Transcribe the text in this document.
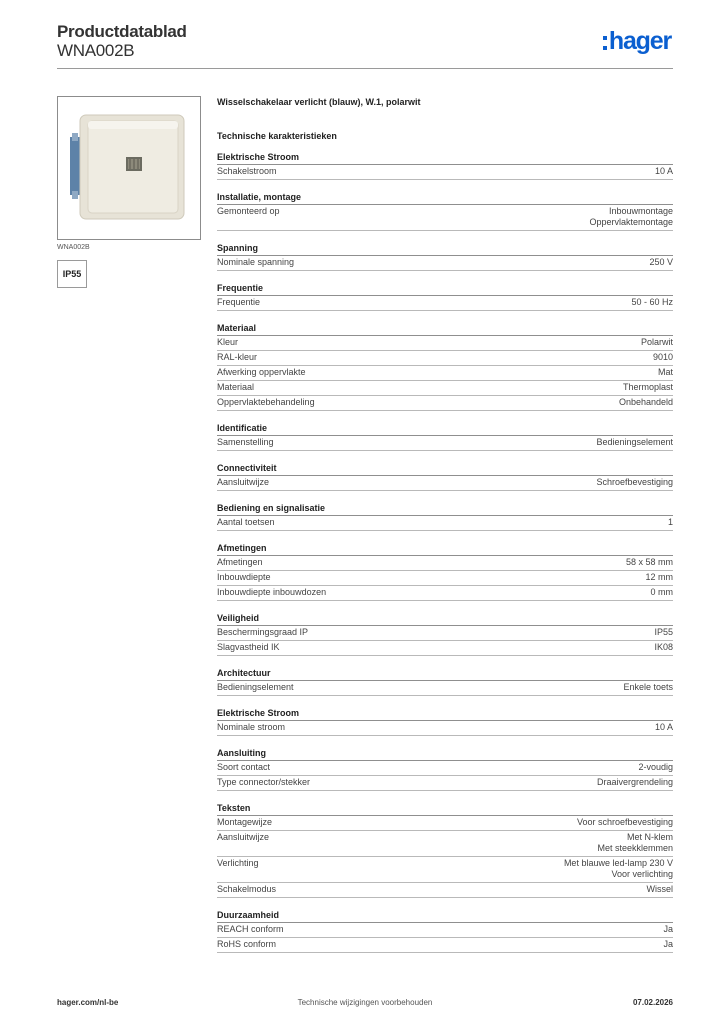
Productdatablad
WNA002B	hager
WNA002B
IP55
Wisselschakelaar verlicht (blauw), W.1, polarwit
Technische karakteristieken
Elektrische Stroom
Schakelstroom	10 A
Installatie, montage
Gemonteerd op	Inbouwmontage
Oppervlaktemontage
Spanning
Nominale spanning	250 V
Frequentie
Frequentie	50 - 60 Hz
Materiaal
Kleur	Polarwit
RAL-kleur	9010
Afwerking oppervlakte	Mat
Materiaal	Thermoplast
Oppervlaktebehandeling	Onbehandeld
Identificatie
Samenstelling	Bedieningselement
Connectiviteit
Aansluitwijze	Schroefbevestiging
Bediening en signalisatie
Aantal toetsen	1
Afmetingen
Afmetingen	58 x 58 mm
Inbouwdiepte	12 mm
Inbouwdiepte inbouwdozen	0 mm
Veiligheid
Beschermingsgraad IP	IP55
Slagvastheid IK	IK08
Architectuur
Bedieningselement	Enkele toets
Elektrische Stroom
Nominale stroom	10 A
Aansluiting
Soort contact	2-voudig
Type connector/stekker	Draaivergrendeling
Teksten
Montagewijze	Voor schroefbevestiging
Aansluitwijze	Met N-klem
Met steekklemmen
Verlichting	Met blauwe led-lamp 230 V
Voor verlichting
Schakelmodus	Wissel
Duurzaamheid
REACH conform	Ja
RoHS conform	Ja
hager.com/nl-be	Technische wijzigingen voorbehouden	07.02.2026
